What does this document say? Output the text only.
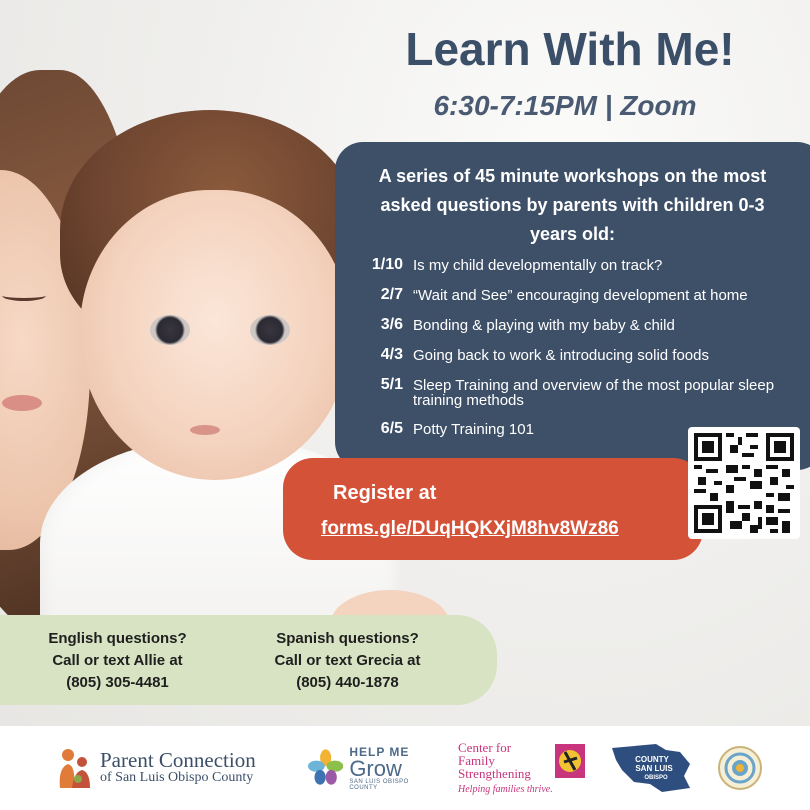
Learn With Me!
6:30-7:15PM | Zoom
A series of 45 minute workshops on the most asked questions by parents with children 0-3 years old:
1/10 Is my child developmentally on track?
2/7 “Wait and See” encouraging development at home
3/6 Bonding & playing with my baby & child
4/3 Going back to work & introducing solid foods
5/1 Sleep Training and overview of the most popular sleep training methods
6/5 Potty Training 101
Register at
forms.gle/DUqHQKXjM8hv8Wz86
English questions?
Call or text Allie at
(805) 305-4481
Spanish questions?
Call or text Grecia at
(805) 440-1878
Parent Connection
of San Luis Obispo County
HELP ME
Grow
SAN LUIS OBISPO COUNTY
Center for
Family
Strengthening
Helping families thrive.
COUNTY
SAN LUIS
OBISPO
